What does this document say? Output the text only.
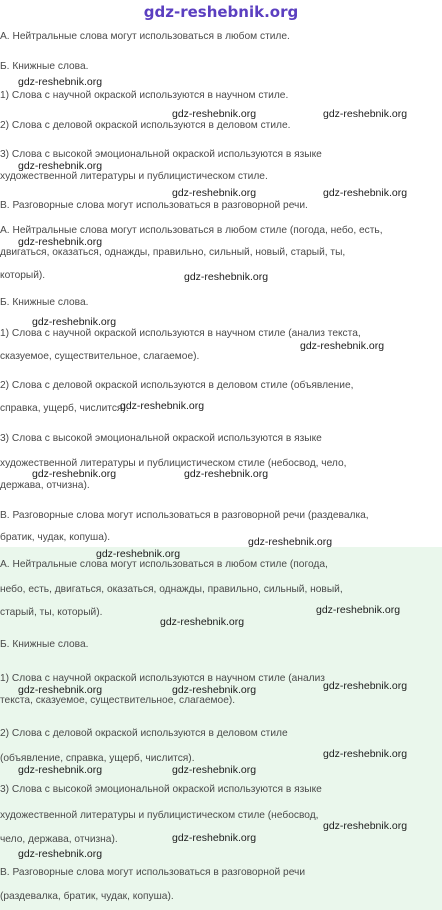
gdz-reshebnik.org
А. Нейтральные слова могут использоваться в любом стиле.
Б. Книжные слова.
1) Слова с научной окраской используются в научном стиле.
2) Слова с деловой окраской используются в деловом стиле.
3) Слова с высокой эмоциональной окраской используются в языке
художественной литературы и публицистическом стиле.
В. Разговорные слова могут использоваться в разговорной речи.
А. Нейтральные слова могут использоваться в любом стиле (погода, небо, есть,
двигаться, оказаться, однажды, правильно, сильный, новый, старый, ты,
который).
Б. Книжные слова.
1) Слова с научной окраской используются в научном стиле (анализ текста,
сказуемое, существительное, слагаемое).
2) Слова с деловой окраской используются в деловом стиле (объявление,
справка, ущерб, числится).
3) Слова с высокой эмоциональной окраской используются в языке
художественной литературы и публицистическом стиле (небосвод, чело,
держава, отчизна).
В. Разговорные слова могут использоваться в разговорной речи (раздевалка,
братик, чудак, копуша).
А. Нейтральные слова могут использоваться в любом стиле (погода,
небо, есть, двигаться, оказаться, однажды, правильно, сильный, новый,
старый, ты, который).
Б. Книжные слова.
1) Слова с научной окраской используются в научном стиле (анализ
текста, сказуемое, существительное, слагаемое).
2) Слова с деловой окраской используются в деловом стиле
(объявление, справка, ущерб, числится).
3) Слова с высокой эмоциональной окраской используются в языке
художественной литературы и публицистическом стиле (небосвод,
чело, держава, отчизна).
В. Разговорные слова могут использоваться в разговорной речи
(раздевалка, братик, чудак, копуша).
gdz-reshebnik.org
gdz-reshebnik.org	gdz-reshebnik.org
gdz-reshebnik.org
gdz-reshebnik.org	gdz-reshebnik.org
gdz-reshebnik.org
gdz-reshebnik.org
gdz-reshebnik.org
gdz-reshebnik.org
gdz-reshebnik.org
gdz-reshebnik.org	gdz-reshebnik.org
gdz-reshebnik.org
gdz-reshebnik.org
gdz-reshebnik.org
gdz-reshebnik.org
gdz-reshebnik.org	gdz-reshebnik.org	gdz-reshebnik.org
gdz-reshebnik.org
gdz-reshebnik.org	gdz-reshebnik.org
gdz-reshebnik.org
gdz-reshebnik.org
gdz-reshebnik.org
